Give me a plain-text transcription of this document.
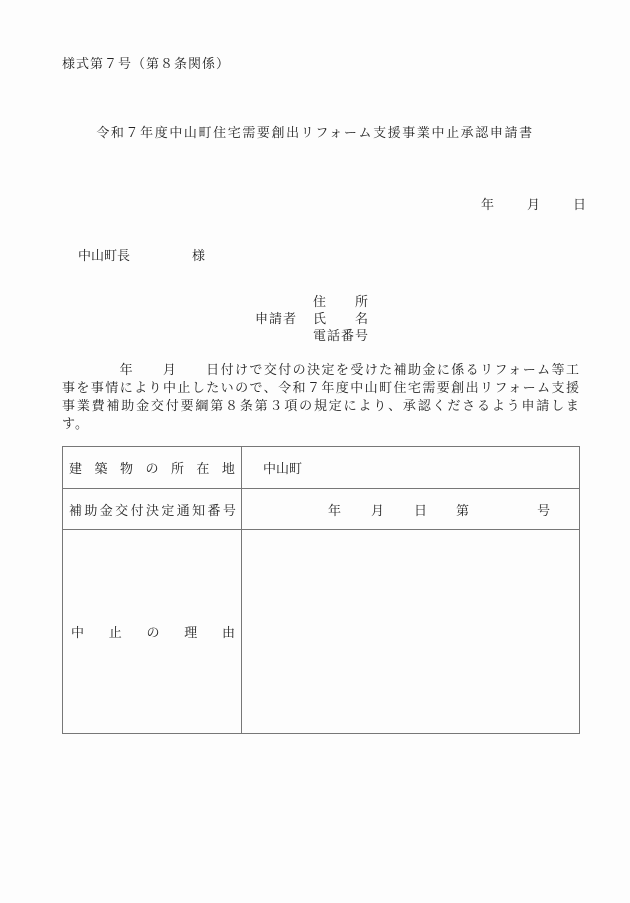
様式第７号（第８条関係）
令和７年度中山町住宅需要創出リフォーム支援事業中止承認申請書
年	月	日
中山町長	様
住 所
申請者	氏 名
電 話 番 号
　　　　年　　月　　日付けで交付の決定を受けた補助金に係るリフォーム等工事を事情により中止したいので、令和７年度中山町住宅需要創出リフォーム支援事業費補助金交付要綱第８条第３項の規定により、承認くださるよう申請します。
建 築 物 の 所 在 地	中山町

補 助 金 交 付 決 定 通 知 番 号	年 月 日 第	号

中 止 の 理 由	
